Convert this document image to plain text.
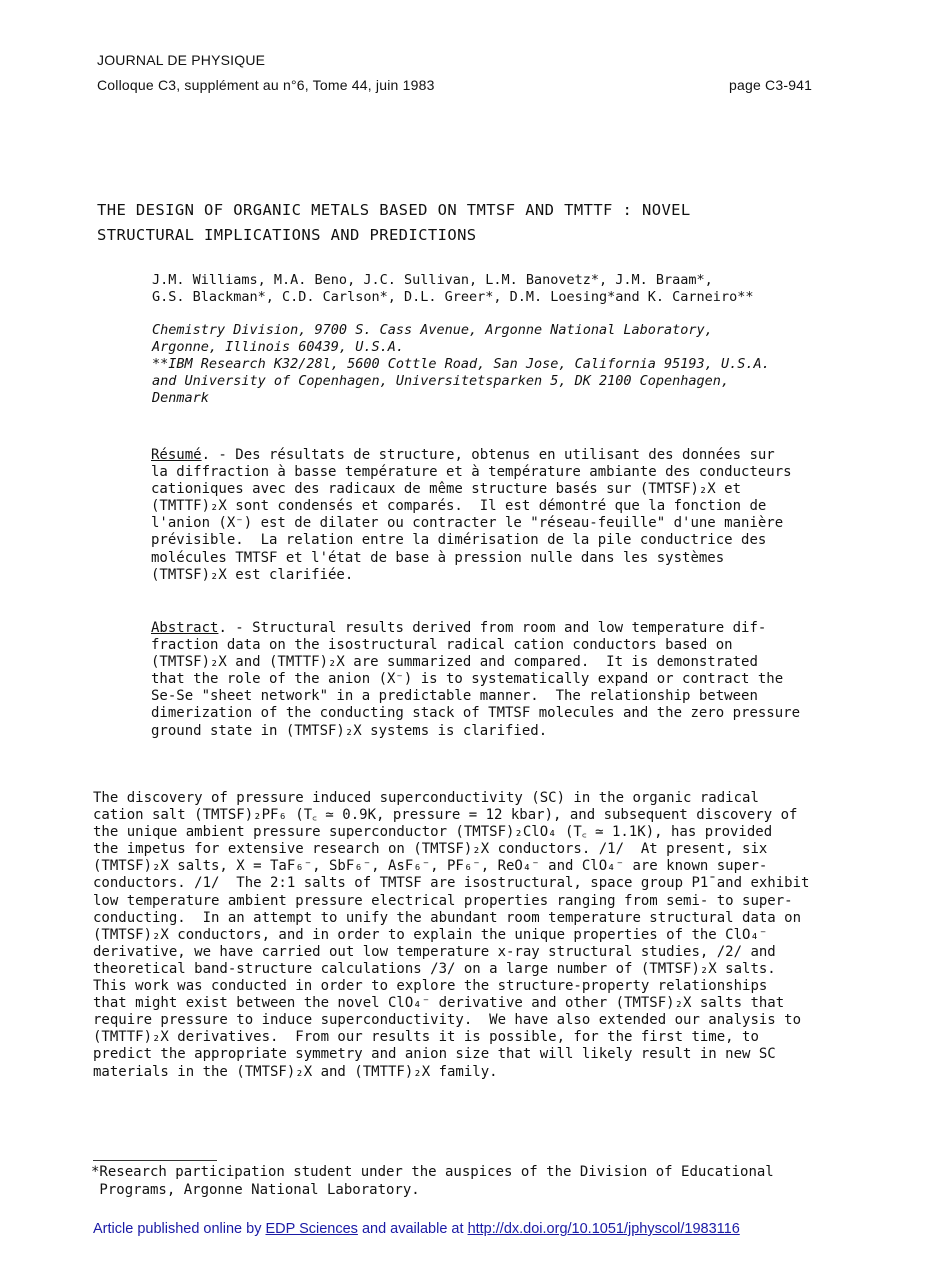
JOURNAL DE PHYSIQUE
Colloque C3, supplément au n°6, Tome 44, juin 1983	page C3-941
THE DESIGN OF ORGANIC METALS BASED ON TMTSF AND TMTTF : NOVEL
STRUCTURAL IMPLICATIONS AND PREDICTIONS
J.M. Williams, M.A. Beno, J.C. Sullivan, L.M. Banovetz*, J.M. Braam*,
G.S. Blackman*, C.D. Carlson*, D.L. Greer*, D.M. Loesing*and K. Carneiro**
Chemistry Division, 9700 S. Cass Avenue, Argonne National Laboratory,
Argonne, Illinois 60439, U.S.A.
**IBM Research K32/28l, 5600 Cottle Road, San Jose, California 95193, U.S.A.
and University of Copenhagen, Universitetsparken 5, DK 2100 Copenhagen,
Denmark
Résumé. - Des résultats de structure, obtenus en utilisant des données sur
la diffraction à basse température et à température ambiante des conducteurs
cationiques avec des radicaux de même structure basés sur (TMTSF)₂X et
(TMTTF)₂X sont condensés et comparés.  Il est démontré que la fonction de
l'anion (X⁻) est de dilater ou contracter le "réseau-feuille" d'une manière
prévisible.  La relation entre la dimérisation de la pile conductrice des
molécules TMTSF et l'état de base à pression nulle dans les systèmes
(TMTSF)₂X est clarifiée.
Abstract. - Structural results derived from room and low temperature dif-
fraction data on the isostructural radical cation conductors based on
(TMTSF)₂X and (TMTTF)₂X are summarized and compared.  It is demonstrated
that the role of the anion (X⁻) is to systematically expand or contract the
Se-Se "sheet network" in a predictable manner.  The relationship between
dimerization of the conducting stack of TMTSF molecules and the zero pressure
ground state in (TMTSF)₂X systems is clarified.
The discovery of pressure induced superconductivity (SC) in the organic radical
cation salt (TMTSF)₂PF₆ (T꜀ ≃ 0.9K, pressure = 12 kbar), and subsequent discovery of
the unique ambient pressure superconductor (TMTSF)₂ClO₄ (T꜀ ≃ 1.1K), has provided
the impetus for extensive research on (TMTSF)₂X conductors. /1/  At present, six
(TMTSF)₂X salts, X = TaF₆⁻, SbF₆⁻, AsF₆⁻, PF₆⁻, ReO₄⁻ and ClO₄⁻ are known super-
conductors. /1/  The 2:1 salts of TMTSF are isostructural, space group P1̄ and exhibit
low temperature ambient pressure electrical properties ranging from semi- to super-
conducting.  In an attempt to unify the abundant room temperature structural data on
(TMTSF)₂X conductors, and in order to explain the unique properties of the ClO₄⁻
derivative, we have carried out low temperature x-ray structural studies, /2/ and
theoretical band-structure calculations /3/ on a large number of (TMTSF)₂X salts.
This work was conducted in order to explore the structure-property relationships
that might exist between the novel ClO₄⁻ derivative and other (TMTSF)₂X salts that
require pressure to induce superconductivity.  We have also extended our analysis to
(TMTTF)₂X derivatives.  From our results it is possible, for the first time, to
predict the appropriate symmetry and anion size that will likely result in new SC
materials in the (TMTSF)₂X and (TMTTF)₂X family.
*Research participation student under the auspices of the Division of Educational
Programs, Argonne National Laboratory.
Article published online by EDP Sciences and available at http://dx.doi.org/10.1051/jphyscol/1983116
